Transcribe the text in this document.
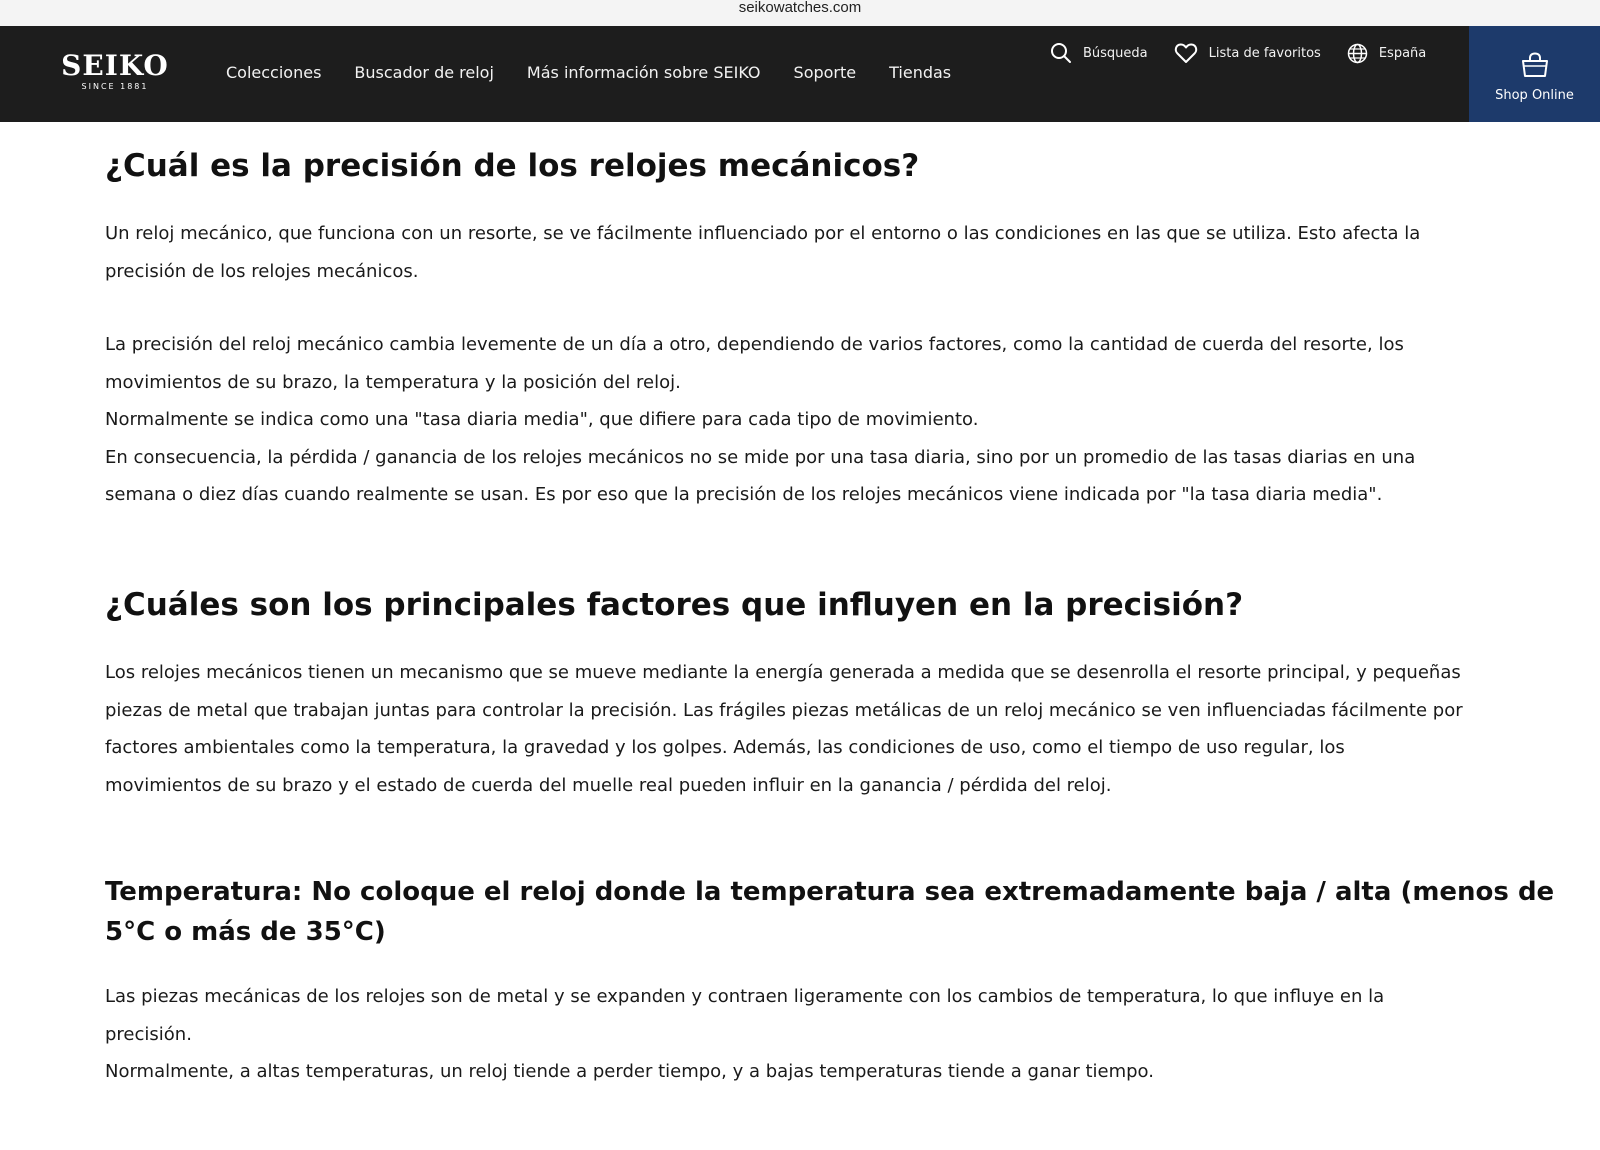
seikowatches.com
SEIKO
SINCE 1881
Colecciones Buscador de reloj Más información sobre SEIKO Soporte Tiendas
Búsqueda	Lista de favoritos	España
Shop Online
¿Cuál es la precisión de los relojes mecánicos?

Un reloj mecánico, que funciona con un resorte, se ve fácilmente influenciado por el entorno o las condiciones en las que se utiliza. Esto afecta la
precisión de los relojes mecánicos.

La precisión del reloj mecánico cambia levemente de un día a otro, dependiendo de varios factores, como la cantidad de cuerda del resorte, los
movimientos de su brazo, la temperatura y la posición del reloj.
Normalmente se indica como una "tasa diaria media", que difiere para cada tipo de movimiento.
En consecuencia, la pérdida / ganancia de los relojes mecánicos no se mide por una tasa diaria, sino por un promedio de las tasas diarias en una
semana o diez días cuando realmente se usan. Es por eso que la precisión de los relojes mecánicos viene indicada por "la tasa diaria media".

¿Cuáles son los principales factores que influyen en la precisión?

Los relojes mecánicos tienen un mecanismo que se mueve mediante la energía generada a medida que se desenrolla el resorte principal, y pequeñas
piezas de metal que trabajan juntas para controlar la precisión. Las frágiles piezas metálicas de un reloj mecánico se ven influenciadas fácilmente por
factores ambientales como la temperatura, la gravedad y los golpes. Además, las condiciones de uso, como el tiempo de uso regular, los
movimientos de su brazo y el estado de cuerda del muelle real pueden influir en la ganancia / pérdida del reloj.

Temperatura: No coloque el reloj donde la temperatura sea extremadamente baja / alta (menos de
5°C o más de 35°C)

Las piezas mecánicas de los relojes son de metal y se expanden y contraen ligeramente con los cambios de temperatura, lo que influye en la
precisión.
Normalmente, a altas temperaturas, un reloj tiende a perder tiempo, y a bajas temperaturas tiende a ganar tiempo.
